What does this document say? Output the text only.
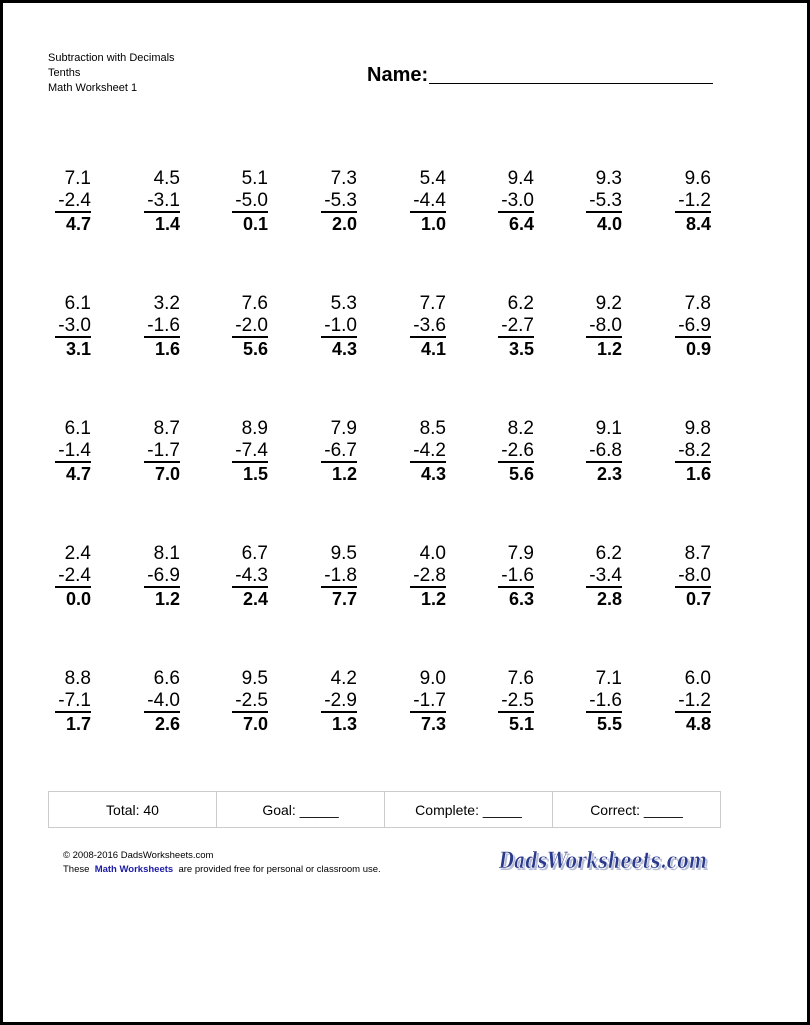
Subtraction with Decimals
Tenths
Math Worksheet 1
Name:
7.1
-2.4
4.7
4.5
-3.1
1.4
5.1
-5.0
0.1
7.3
-5.3
2.0
5.4
-4.4
1.0
9.4
-3.0
6.4
9.3
-5.3
4.0
9.6
-1.2
8.4
6.1
-3.0
3.1
3.2
-1.6
1.6
7.6
-2.0
5.6
5.3
-1.0
4.3
7.7
-3.6
4.1
6.2
-2.7
3.5
9.2
-8.0
1.2
7.8
-6.9
0.9
6.1
-1.4
4.7
8.7
-1.7
7.0
8.9
-7.4
1.5
7.9
-6.7
1.2
8.5
-4.2
4.3
8.2
-2.6
5.6
9.1
-6.8
2.3
9.8
-8.2
1.6
2.4
-2.4
0.0
8.1
-6.9
1.2
6.7
-4.3
2.4
9.5
-1.8
7.7
4.0
-2.8
1.2
7.9
-1.6
6.3
6.2
-3.4
2.8
8.7
-8.0
0.7
8.8
-7.1
1.7
6.6
-4.0
2.6
9.5
-2.5
7.0
4.2
-2.9
1.3
9.0
-1.7
7.3
7.6
-2.5
5.1
7.1
-1.6
5.5
6.0
-1.2
4.8
Total: 40	Goal: _____	Complete: _____	Correct: _____
© 2008-2016 DadsWorksheets.com
These Math Worksheets are provided free for personal or classroom use.	DadsWorksheets.com
DadsWorksheets.com
